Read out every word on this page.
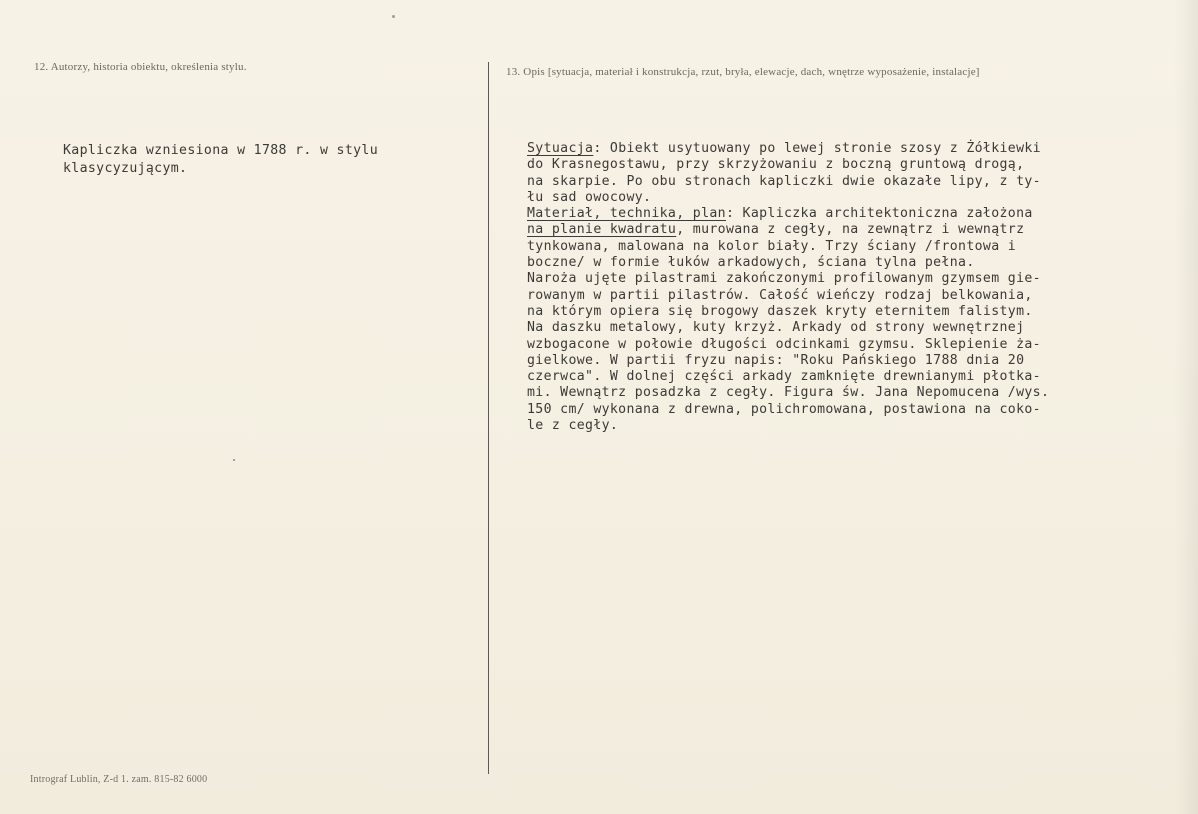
12. Autorzy, historia obiektu, określenia stylu.	13. Opis [sytuacja, materiał i konstrukcja, rzut, bryła, elewacje, dach, wnętrze wyposażenie, instalacje]
Kapliczka wzniesiona w 1788 r. w stylu
klasycyzującym.
Sytuacja: Obiekt usytuowany po lewej stronie szosy z Żółkiewki
do Krasnegostawu, przy skrzyżowaniu z boczną gruntową drogą,
na skarpie. Po obu stronach kapliczki dwie okazałe lipy, z ty-
łu sad owocowy.
Materiał, technika, plan: Kapliczka architektoniczna założona
na planie kwadratu, murowana z cegły, na zewnątrz i wewnątrz
tynkowana, malowana na kolor biały. Trzy ściany /frontowa i
boczne/ w formie łuków arkadowych, ściana tylna pełna.
Naroża ujęte pilastrami zakończonymi profilowanym gzymsem gie-
rowanym w partii pilastrów. Całość wieńczy rodzaj belkowania,
na którym opiera się brogowy daszek kryty eternitem falistym.
Na daszku metalowy, kuty krzyż. Arkady od strony wewnętrznej
wzbogacone w połowie długości odcinkami gzymsu. Sklepienie ża-
gielkowe. W partii fryzu napis: "Roku Pańskiego 1788 dnia 20
czerwca". W dolnej części arkady zamknięte drewnianymi płotka-
mi. Wewnątrz posadzka z cegły. Figura św. Jana Nepomucena /wys.
150 cm/ wykonana z drewna, polichromowana, postawiona na coko-
le z cegły.
Intrograf Lublin, Z-d 1. zam. 815-82 6000
